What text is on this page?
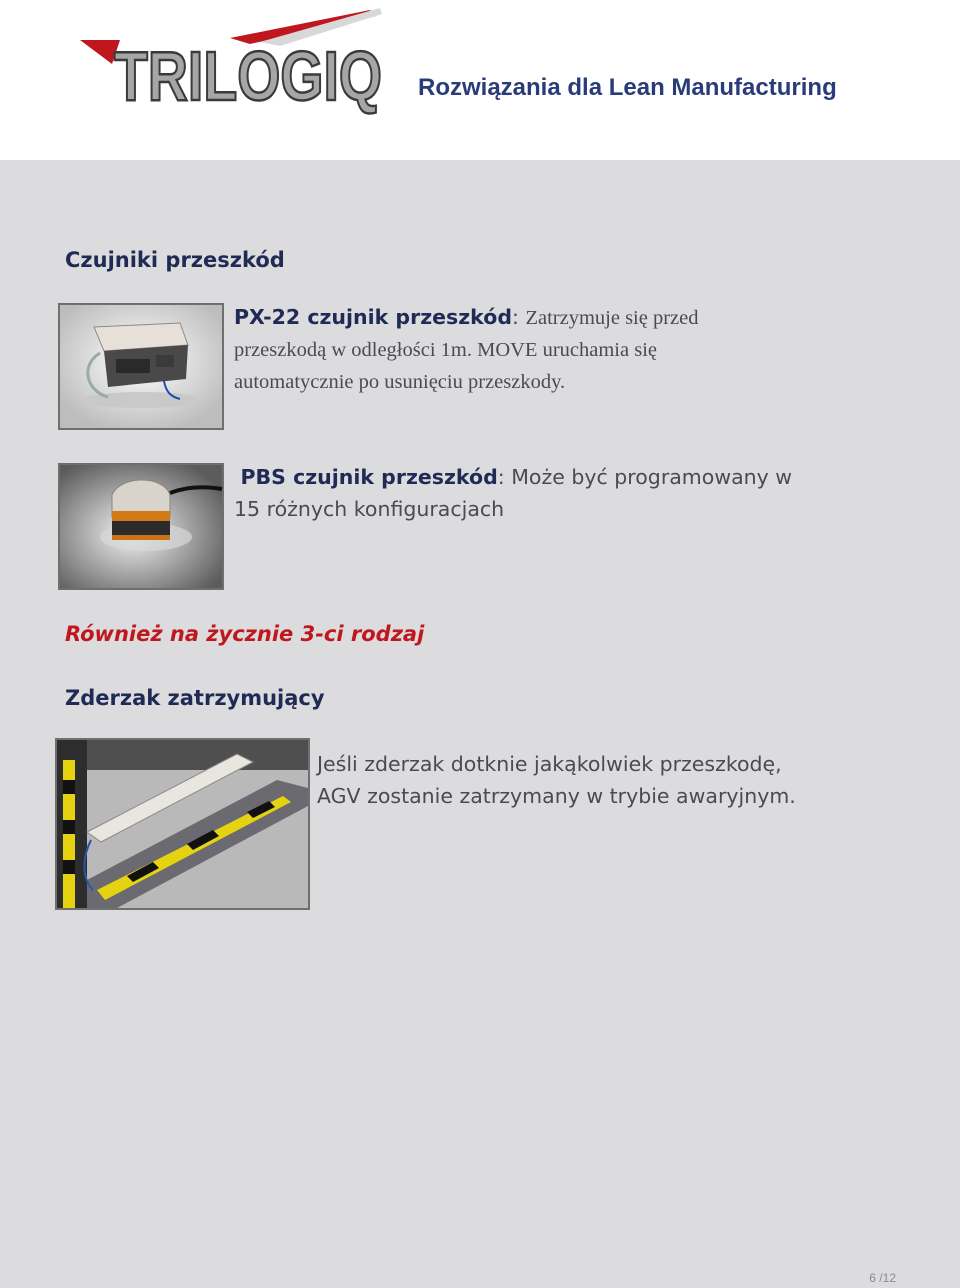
TRILOGIQ Rozwiązania dla Lean Manufacturing
Czujniki przeszkód
PX-22 czujnik przeszkód: Zatrzymuje się przed
przeszkodą w odległości 1m. MOVE uruchamia się
automatycznie po usunięciu przeszkody.
PBS czujnik przeszkód: Może być programowany w
15 różnych konfiguracjach
Również na życznie 3-ci rodzaj
Zderzak zatrzymujący
Jeśli zderzak dotknie jakąkolwiek przeszkodę,
AGV zostanie zatrzymany w trybie awaryjnym.
6 /12
